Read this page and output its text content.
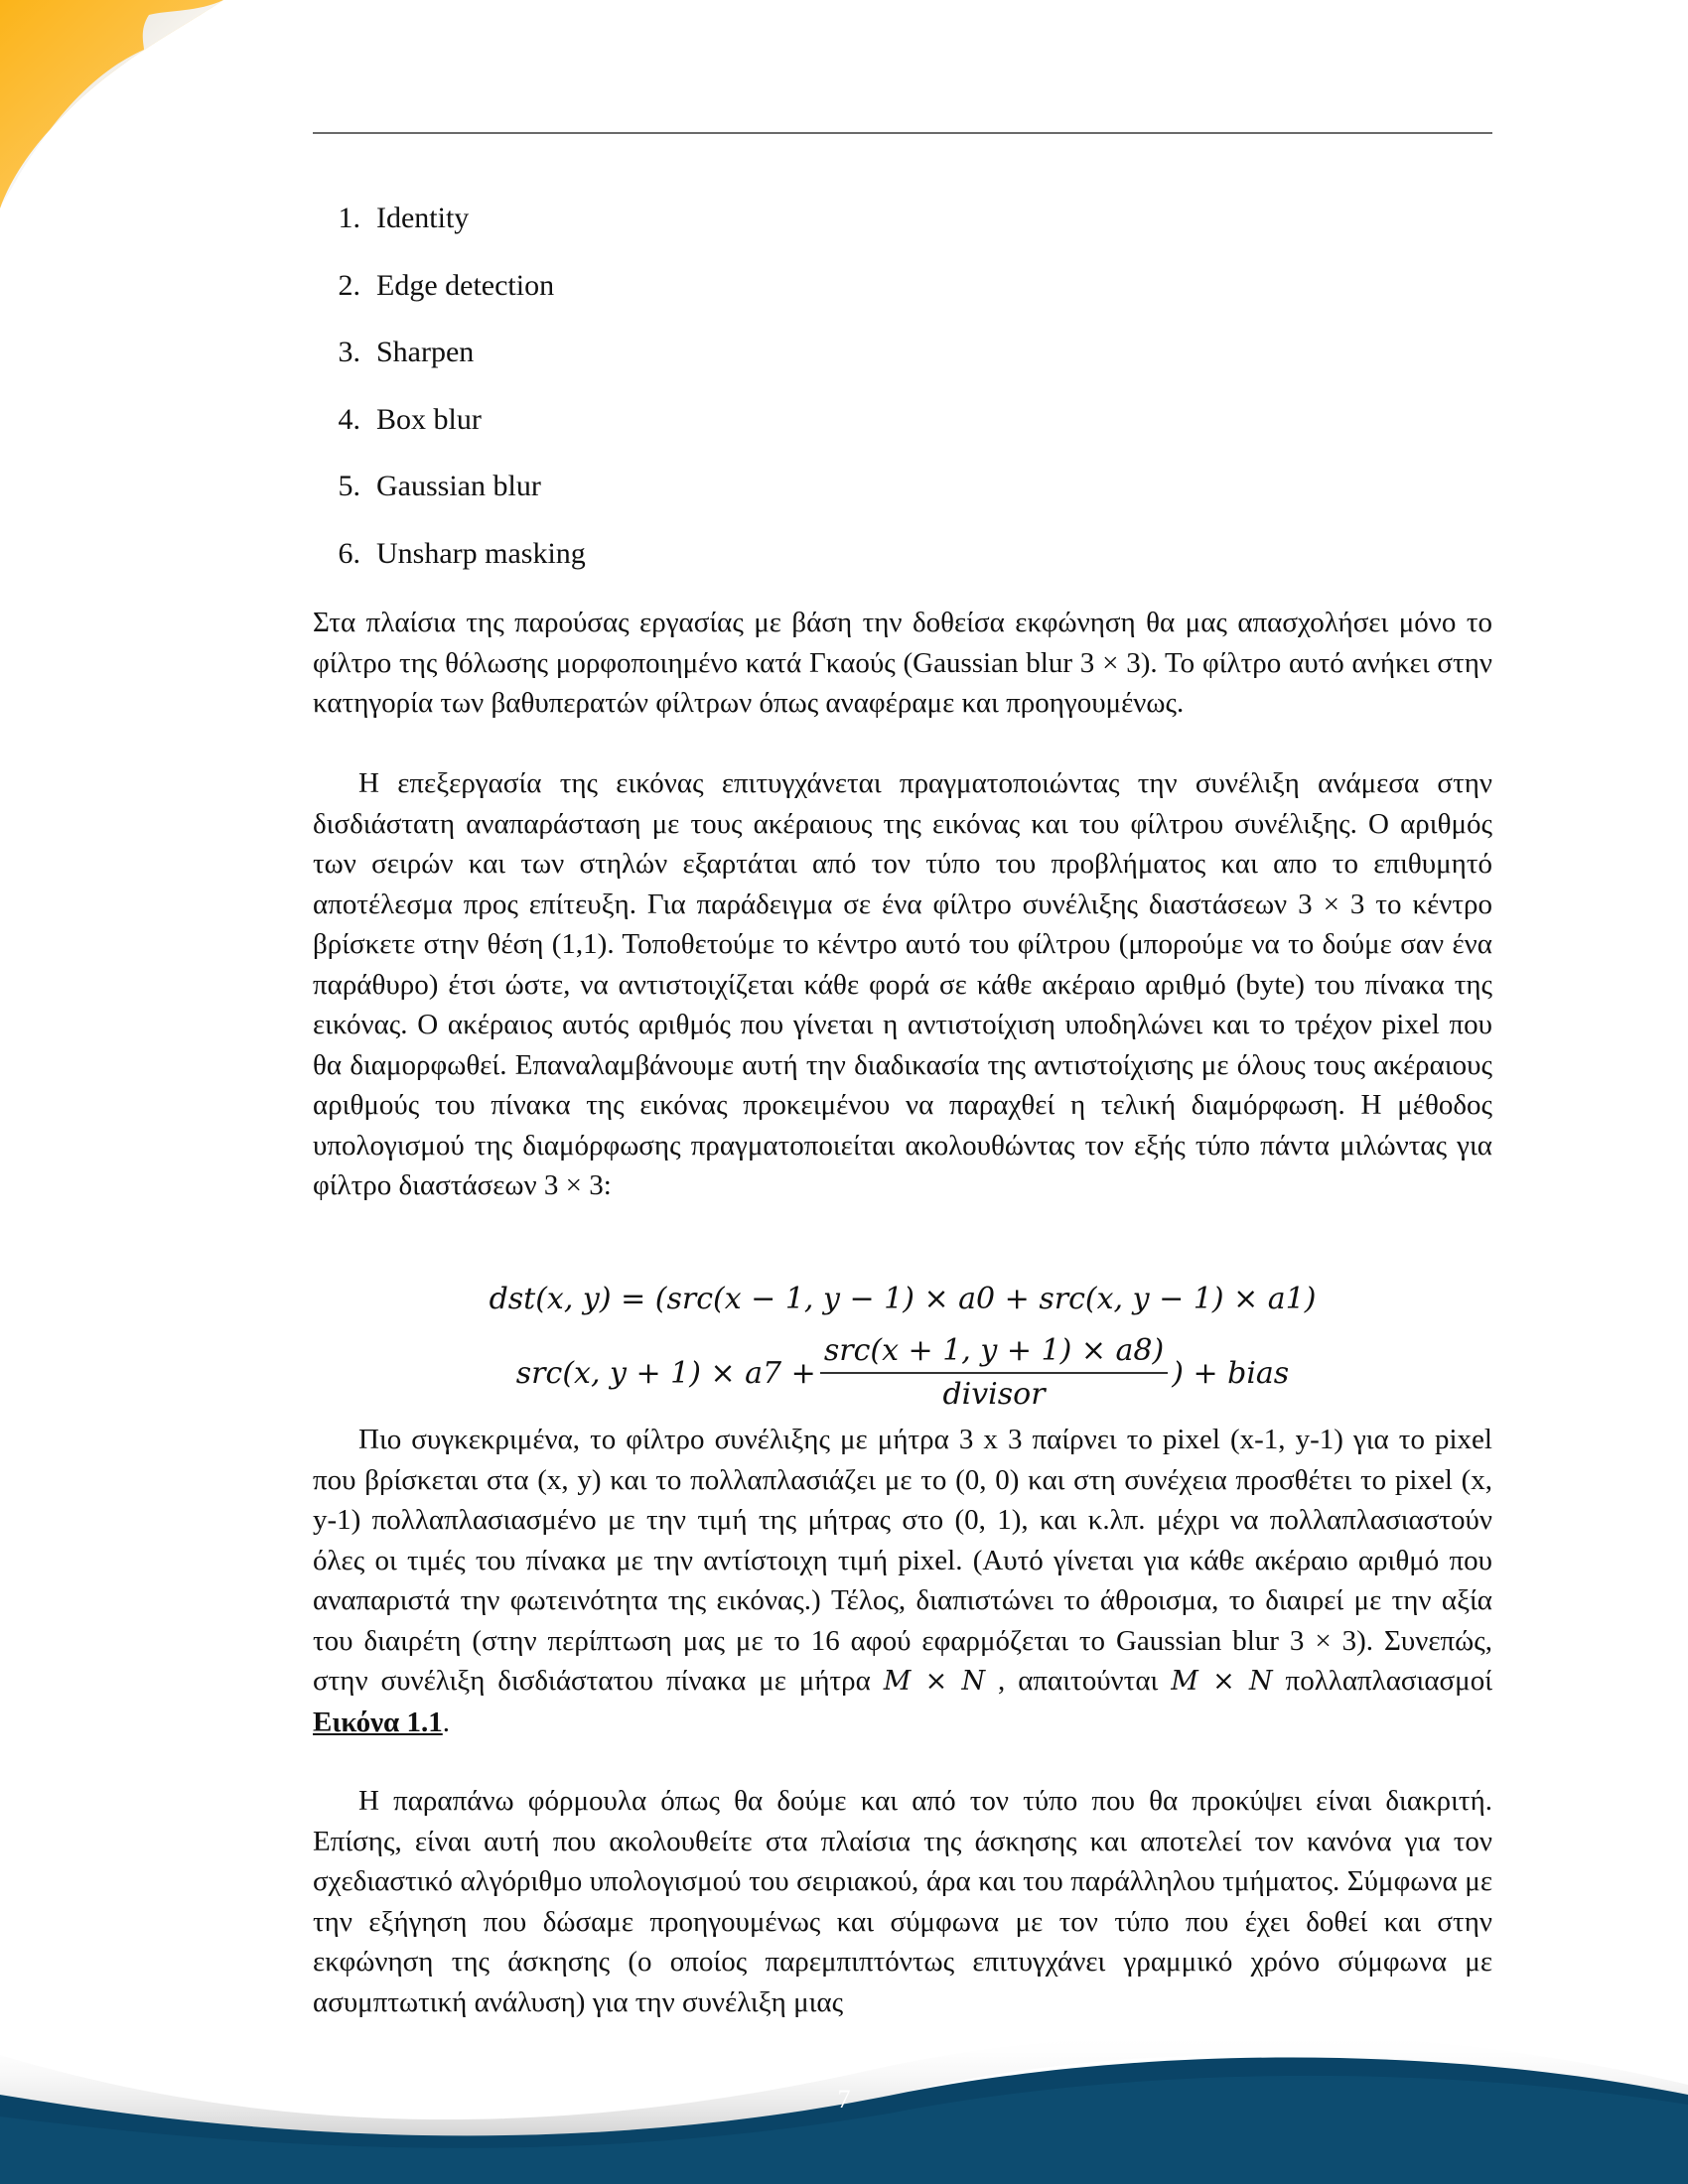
1. Identity
2. Edge detection
3. Sharpen
4. Box blur
5. Gaussian blur
6. Unsharp masking

Στα πλαίσια της παρούσας εργασίας με βάση την δοθείσα εκφώνηση θα μας απασχολήσει μόνο το φίλτρο της θόλωσης μορφοποιημένο κατά Γκαούς (Gaussian blur 3 × 3). Το φίλτρο αυτό ανήκει στην κατηγορία των βαθυπερατών φίλτρων όπως αναφέραμε και προηγουμένως.

Η επεξεργασία της εικόνας επιτυγχάνεται πραγματοποιώντας την συνέλιξη ανάμεσα στην δισδιάστατη αναπαράσταση με τους ακέραιους της εικόνας και του φίλτρου συνέλιξης. Ο αριθμός των σειρών και των στηλών εξαρτάται από τον τύπο του προβλήματος και απο το επιθυμητό αποτέλεσμα προς επίτευξη. Για παράδειγμα σε ένα φίλτρο συνέλιξης διαστάσεων 3 × 3 το κέντρο βρίσκετε στην θέση (1,1). Τοποθετούμε το κέντρο αυτό του φίλτρου (μπορούμε να το δούμε σαν ένα παράθυρο) έτσι ώστε, να αντιστοιχίζεται κάθε φορά σε κάθε ακέραιο αριθμό (byte) του πίνακα της εικόνας. Ο ακέραιος αυτός αριθμός που γίνεται η αντιστοίχιση υποδηλώνει και το τρέχον pixel που θα διαμορφωθεί. Επαναλαμβάνουμε αυτή την διαδικασία της αντιστοίχισης με όλους τους ακέραιους αριθμούς του πίνακα της εικόνας προκειμένου να παραχθεί η τελική διαμόρφωση. Η μέθοδος υπολογισμού της διαμόρφωσης πραγματοποιείται ακολουθώντας τον εξής τύπο πάντα μιλώντας για φίλτρο διαστάσεων 3 × 3:

dst(x, y) = (src(x − 1, y − 1) × a0 + src(x, y − 1) × a1)
src(x, $y + 1) \times a7 + \frac{\text{src(x + 1, y + 1) × a8)}}{\text{divisor}}$ ) + bias

Πιο συγκεκριμένα, το φίλτρο συνέλιξης με μήτρα 3 x 3 παίρνει το pixel (x-1, y-1) για το pixel που βρίσκεται στα (x, y) και το πολλαπλασιάζει με το (0, 0) και στη συνέχεια προσθέτει το pixel (x, y-1) πολλαπλασιασμένο με την τιμή της μήτρας στο (0, 1), και κ.λπ. μέχρι να πολλαπλασιαστούν όλες οι τιμές του πίνακα με την αντίστοιχη τιμή pixel. (Αυτό γίνεται για κάθε ακέραιο αριθμό που αναπαριστά την φωτεινότητα της εικόνας.) Τέλος, διαπιστώνει το άθροισμα, το διαιρεί με την αξία του διαιρέτη (στην περίπτωση μας με το 16 αφού εφαρμόζεται το Gaussian blur 3 × 3). Συνεπώς, στην συνέλιξη δισδιάστατου πίνακα με μήτρα M × N , απαιτούνται M × N πολλαπλασιασμοί Εικόνα 1.1.

Η παραπάνω φόρμουλα όπως θα δούμε και από τον τύπο που θα προκύψει είναι διακριτή. Επίσης, είναι αυτή που ακολουθείτε στα πλαίσια της άσκησης και αποτελεί τον κανόνα για τον σχεδιαστικό αλγόριθμο υπολογισμού του σειριακού, άρα και του παράλληλου τμήματος. Σύμφωνα με την εξήγηση που δώσαμε προηγουμένως και σύμφωνα με τον τύπο που έχει δοθεί και στην εκφώνηση της άσκησης (ο οποίος παρεμπιπτόντως επιτυγχάνει γραμμικό χρόνο σύμφωνα με ασυμπτωτική ανάλυση) για την συνέλιξη μιας

7
